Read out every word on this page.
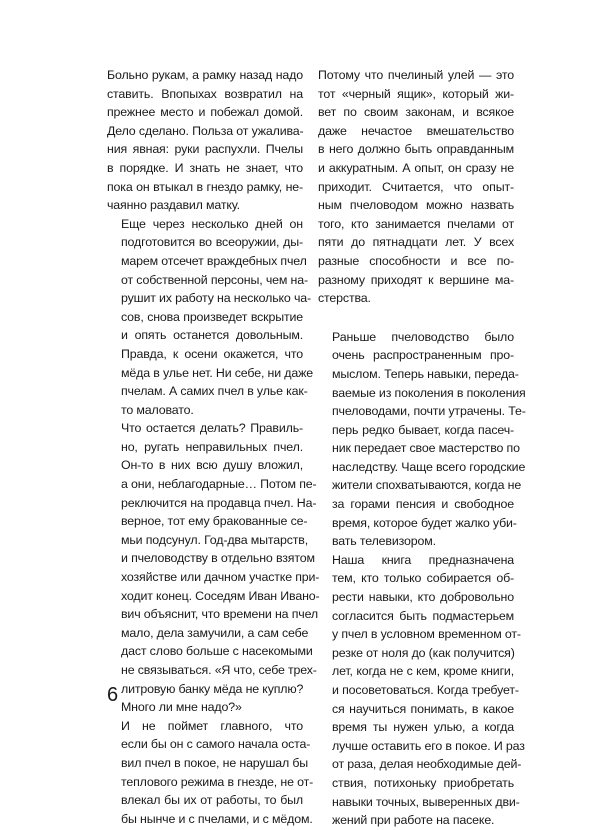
Больно рукам, а рамку назад надо
ставить. Впопыхах возвратил на
прежнее место и побежал домой.
Дело сделано. Польза от ужалива-
ния явная: руки распухли. Пчелы
в порядке. И знать не знает, что
пока он втыкал в гнездо рамку, не-
чаянно раздавил матку.

Еще через несколько дней он
подготовится во всеоружии, ды-
марем отсечет враждебных пчел
от собственной персоны, чем на-
рушит их работу на несколько ча-
сов, снова произведет вскрытие
и опять останется довольным.
Правда, к осени окажется, что
мёда в улье нет. Ни себе, ни даже
пчелам. А самих пчел в улье как-
то маловато.

Что остается делать? Правиль-
но, ругать неправильных пчел.
Он-то в них всю душу вложил,
а они, неблагодарные… Потом пе-
реключится на продавца пчел. На-
верное, тот ему бракованные се-
мьи подсунул. Год-два мытарств,
и пчеловодству в отдельно взятом
хозяйстве или дачном участке при-
ходит конец. Соседям Иван Ивано-
вич объяснит, что времени на пчел
мало, дела замучили, а сам себе
даст слово больше с насекомыми
не связываться. «Я что, себе трех-
литровую банку мёда не куплю?
Много ли мне надо?»

И не поймет главного, что
если бы он с самого начала оста-
вил пчел в покое, не нарушал бы
теплового режима в гнезде, не от-
влекал бы их от работы, то был
бы нынче и с пчелами, и с мёдом.

Потому что пчелиный улей — это
тот «черный ящик», который жи-
вет по своим законам, и всякое
даже нечастое вмешательство
в него должно быть оправданным
и аккуратным. А опыт, он сразу не
приходит. Считается, что опыт-
ным пчеловодом можно назвать
того, кто занимается пчелами от
пяти до пятнадцати лет. У всех
разные способности и все по-
разному приходят к вершине ма-
стерства.

Раньше пчеловодство было
очень распространенным про-
мыслом. Теперь навыки, переда-
ваемые из поколения в поколения
пчеловодами, почти утрачены. Те-
перь редко бывает, когда пасеч-
ник передает свое мастерство по
наследству. Чаще всего городские
жители спохватываются, когда не
за горами пенсия и свободное
время, которое будет жалко уби-
вать телевизором.

Наша книга предназначена
тем, кто только собирается об-
рести навыки, кто добровольно
согласится быть подмастерьем
у пчел в условном временном от-
резке от ноля до (как получится)
лет, когда не с кем, кроме книги,
и посоветоваться. Когда требует-
ся научиться понимать, в какое
время ты нужен улью, а когда
лучше оставить его в покое. И раз
от раза, делая необходимые дей-
ствия, потихоньку приобретать
навыки точных, выверенных дви-
жений при работе на пасеке.

6
